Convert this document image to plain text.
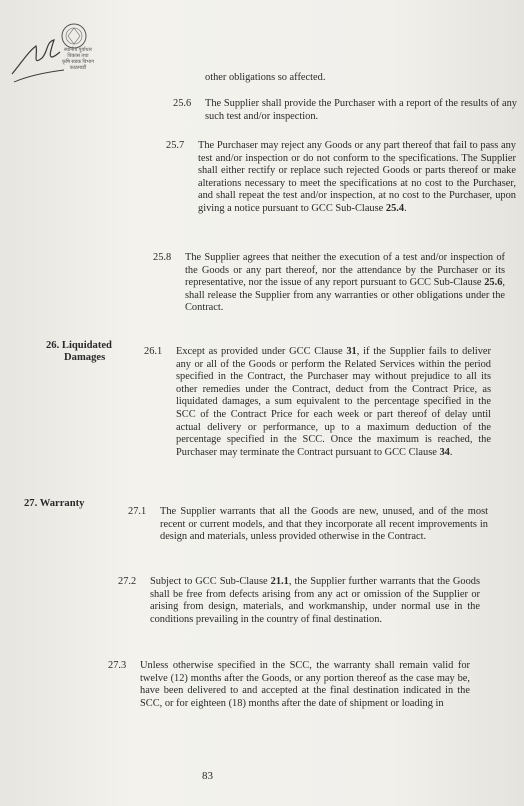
स्थानीय पूर्वाधार
विकास तथा
कृषि सडक विभाग
काठमाडौं
other obligations so affected.
25.6 The Supplier shall provide the Purchaser with a report of the results of any such test and/or inspection.
25.7 The Purchaser may reject any Goods or any part thereof that fail to pass any test and/or inspection or do not conform to the specifications. The Supplier shall either rectify or replace such rejected Goods or parts thereof or make alterations necessary to meet the specifications at no cost to the Purchaser, and shall repeat the test and/or inspection, at no cost to the Purchaser, upon giving a notice pursuant to GCC Sub-Clause 25.4.
25.8 The Supplier agrees that neither the execution of a test and/or inspection of the Goods or any part thereof, nor the attendance by the Purchaser or its representative, nor the issue of any report pursuant to GCC Sub-Clause 25.6, shall release the Supplier from any warranties or other obligations under the Contract.
26. Liquidated
Damages
26.1 Except as provided under GCC Clause 31, if the Supplier fails to deliver any or all of the Goods or perform the Related Services within the period specified in the Contract, the Purchaser may without prejudice to all its other remedies under the Contract, deduct from the Contract Price, as liquidated damages, a sum equivalent to the percentage specified in the SCC of the Contract Price for each week or part thereof of delay until actual delivery or performance, up to a maximum deduction of the percentage specified in the SCC. Once the maximum is reached, the Purchaser may terminate the Contract pursuant to GCC Clause 34.
27. Warranty
27.1 The Supplier warrants that all the Goods are new, unused, and of the most recent or current models, and that they incorporate all recent improvements in design and materials, unless provided otherwise in the Contract.
27.2 Subject to GCC Sub-Clause 21.1, the Supplier further warrants that the Goods shall be free from defects arising from any act or omission of the Supplier or arising from design, materials, and workmanship, under normal use in the conditions prevailing in the country of final destination.
27.3 Unless otherwise specified in the SCC, the warranty shall remain valid for twelve (12) months after the Goods, or any portion thereof as the case may be, have been delivered to and accepted at the final destination indicated in the SCC, or for eighteen (18) months after the date of shipment or loading in
83
